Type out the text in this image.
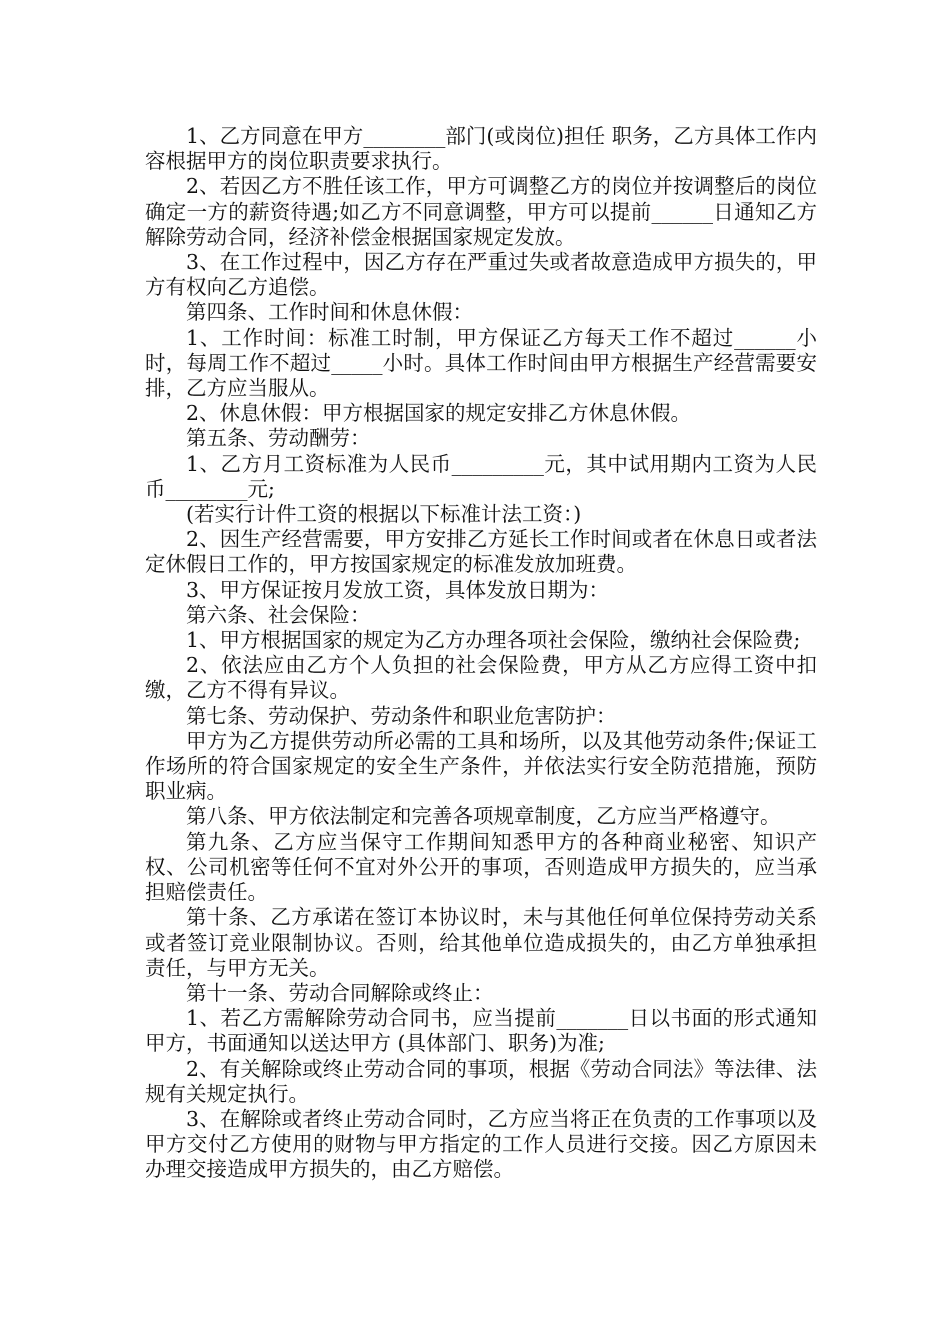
1、乙方同意在甲方________部门(或岗位)担任 职务，乙方具体工作内容根据甲方的岗位职责要求执行。

2、若因乙方不胜任该工作，甲方可调整乙方的岗位并按调整后的岗位确定一方的薪资待遇;如乙方不同意调整，甲方可以提前______日通知乙方解除劳动合同，经济补偿金根据国家规定发放。

3、在工作过程中，因乙方存在严重过失或者故意造成甲方损失的，甲方有权向乙方追偿。

第四条、工作时间和休息休假：

1、工作时间：标准工时制，甲方保证乙方每天工作不超过______小时，每周工作不超过_____小时。具体工作时间由甲方根据生产经营需要安排，乙方应当服从。

2、休息休假：甲方根据国家的规定安排乙方休息休假。

第五条、劳动酬劳：

1、乙方月工资标准为人民币_________元，其中试用期内工资为人民币________元;

(若实行计件工资的根据以下标准计法工资：)

2、因生产经营需要，甲方安排乙方延长工作时间或者在休息日或者法定休假日工作的，甲方按国家规定的标准发放加班费。

3、甲方保证按月发放工资，具体发放日期为：

第六条、社会保险：

1、甲方根据国家的规定为乙方办理各项社会保险，缴纳社会保险费;

2、依法应由乙方个人负担的社会保险费，甲方从乙方应得工资中扣缴，乙方不得有异议。

第七条、劳动保护、劳动条件和职业危害防护：

甲方为乙方提供劳动所必需的工具和场所，以及其他劳动条件;保证工作场所的符合国家规定的安全生产条件，并依法实行安全防范措施，预防职业病。

第八条、甲方依法制定和完善各项规章制度，乙方应当严格遵守。

第九条、乙方应当保守工作期间知悉甲方的各种商业秘密、知识产权、公司机密等任何不宜对外公开的事项，否则造成甲方损失的，应当承担赔偿责任。

第十条、乙方承诺在签订本协议时，未与其他任何单位保持劳动关系或者签订竞业限制协议。否则，给其他单位造成损失的，由乙方单独承担责任，与甲方无关。

第十一条、劳动合同解除或终止：

1、若乙方需解除劳动合同书，应当提前_______日以书面的形式通知甲方，书面通知以送达甲方 (具体部门、职务)为准;

2、有关解除或终止劳动合同的事项，根据《劳动合同法》等法律、法规有关规定执行。

3、在解除或者终止劳动合同时，乙方应当将正在负责的工作事项以及甲方交付乙方使用的财物与甲方指定的工作人员进行交接。因乙方原因未办理交接造成甲方损失的，由乙方赔偿。
